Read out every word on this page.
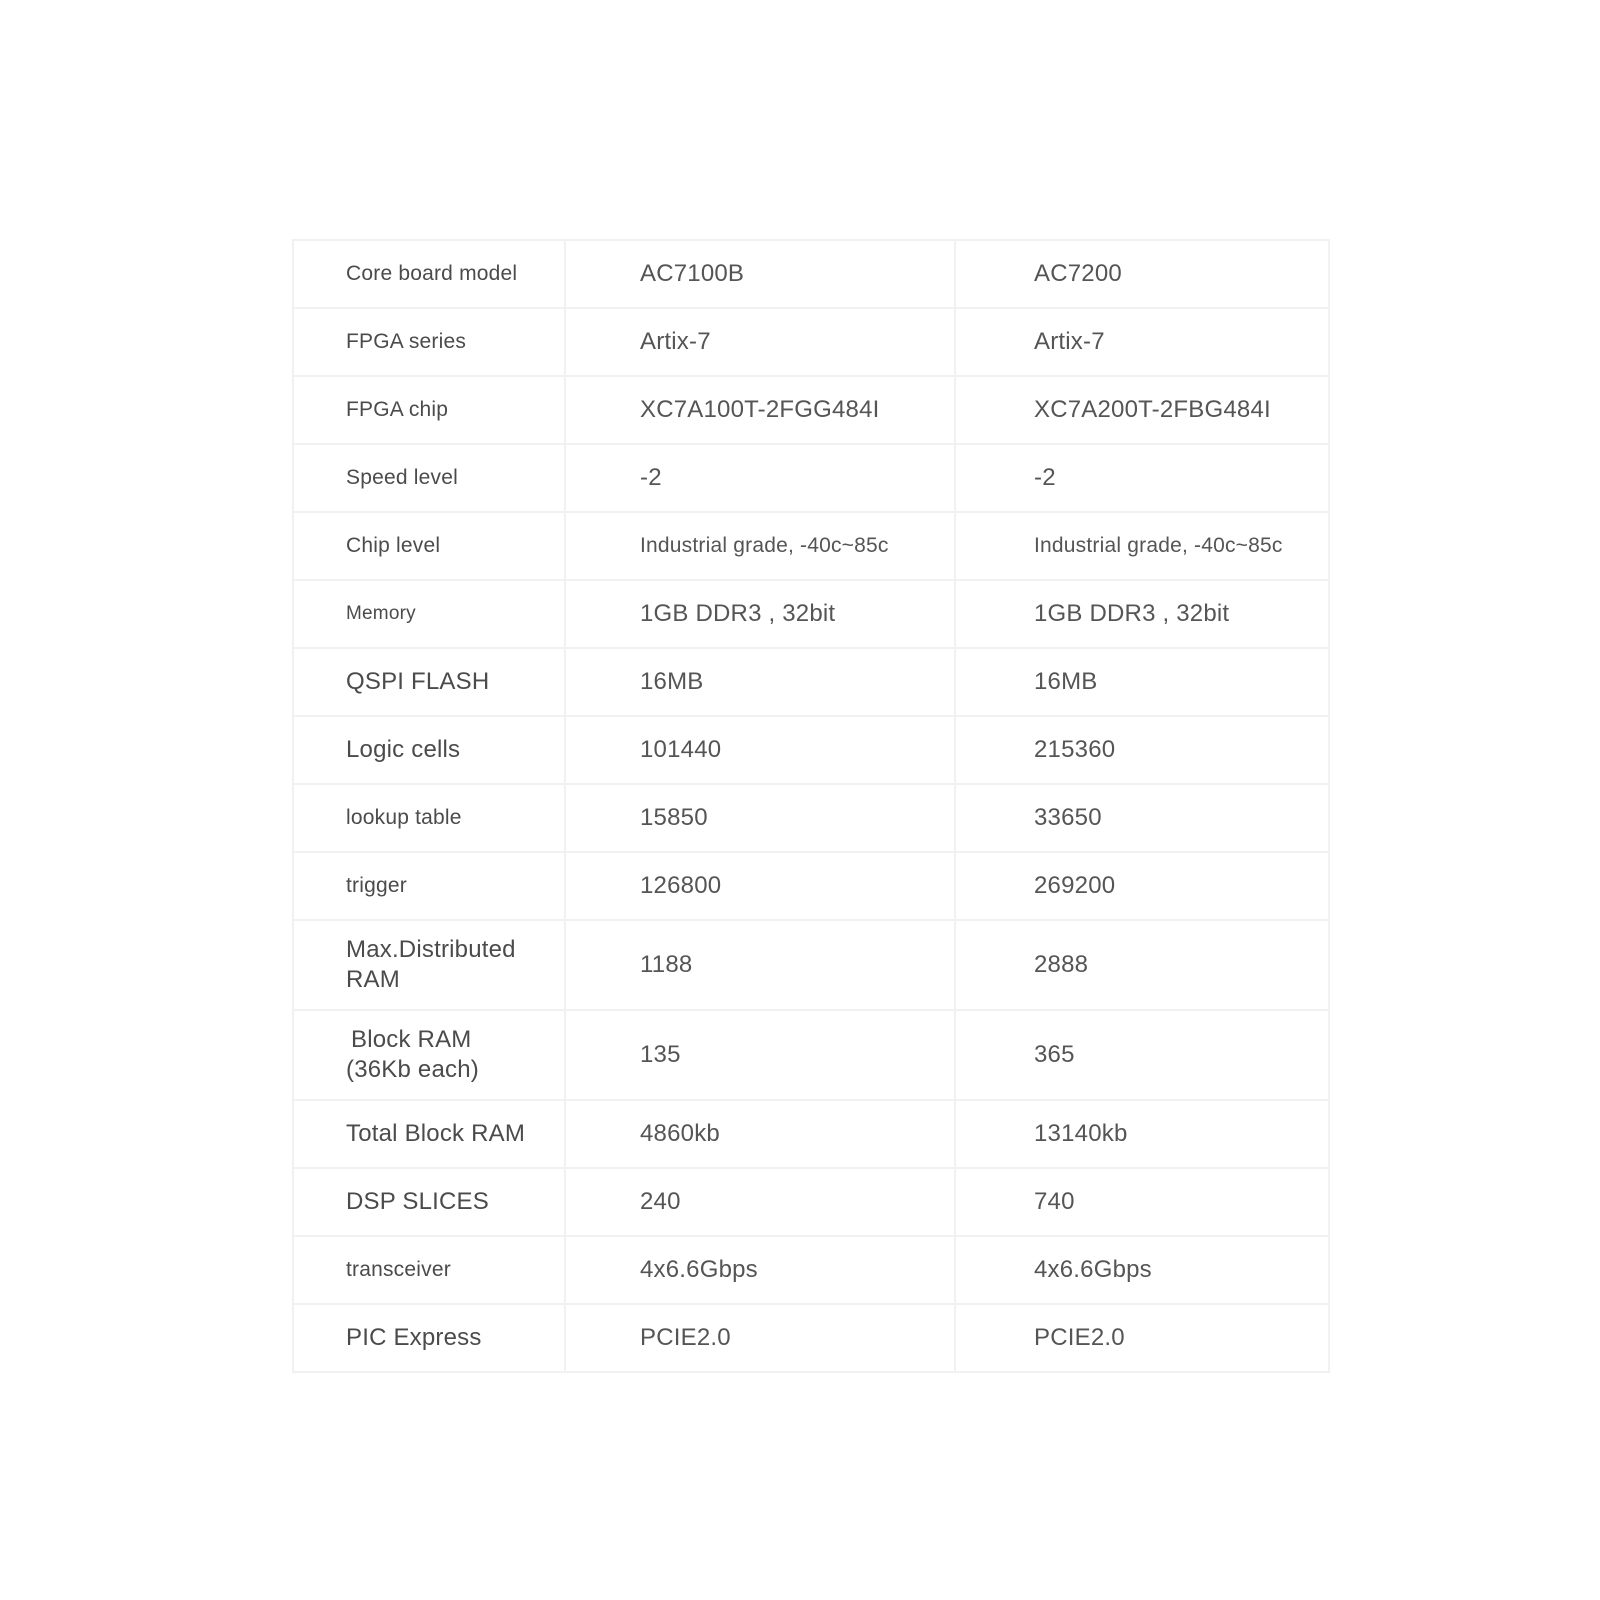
Core board model	AC7100B	AC7200

FPGA series	Artix-7	Artix-7

FPGA chip	XC7A100T-2FGG484I	XC7A200T-2FBG484I

Speed level	-2	-2

Chip level	Industrial grade, -40c~85c	Industrial grade, -40c~85c

Memory	1GB DDR3 , 32bit	1GB DDR3 , 32bit

QSPI FLASH	16MB	16MB

Logic cells	101440	215360

lookup table	15850	33650

trigger	126800	269200

Max.Distributed
RAM	1188	2888

Block RAM
(36Kb each)	135	365

Total Block RAM	4860kb	13140kb

DSP SLICES	240	740

transceiver	4x6.6Gbps	4x6.6Gbps

PIC Express	PCIE2.0	PCIE2.0
